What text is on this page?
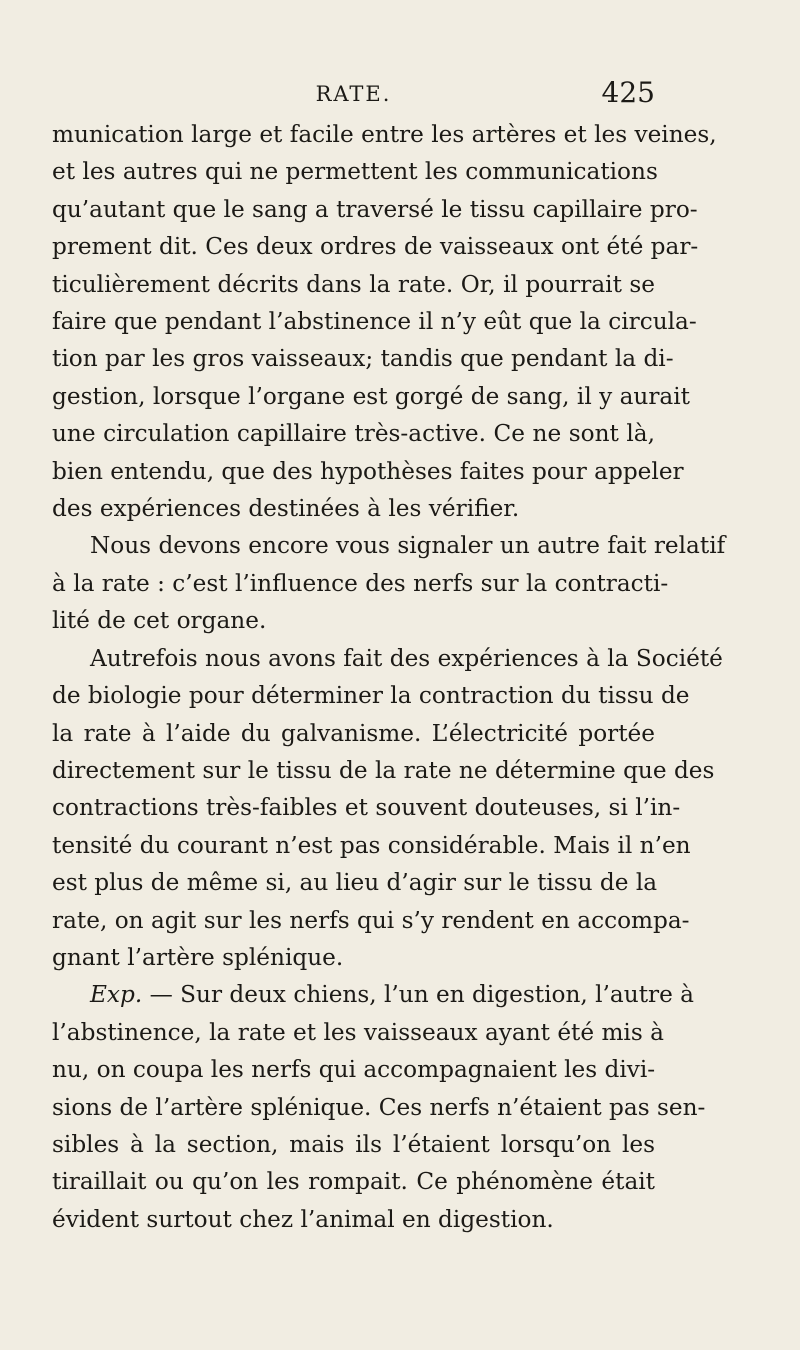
RATE.	425
munication large et facile entre les artères et les veines,
et les autres qui ne permettent les communications
qu’autant que le sang a traversé le tissu capillaire pro-
prement dit. Ces deux ordres de vaisseaux ont été par-
ticulièrement décrits dans la rate. Or, il pourrait se
faire que pendant l’abstinence il n’y eût que la circula-
tion par les gros vaisseaux; tandis que pendant la di-
gestion, lorsque l’organe est gorgé de sang, il y aurait
une circulation capillaire très-active. Ce ne sont là,
bien entendu, que des hypothèses faites pour appeler
des expériences destinées à les vérifier.
Nous devons encore vous signaler un autre fait relatif
à la rate : c’est l’influence des nerfs sur la contracti-
lité de cet organe.
Autrefois nous avons fait des expériences à la Société
de biologie pour déterminer la contraction du tissu de
la rate à l’aide du galvanisme. L’électricité portée
directement sur le tissu de la rate ne détermine que des
contractions très-faibles et souvent douteuses, si l’in-
tensité du courant n’est pas considérable. Mais il n’en
est plus de même si, au lieu d’agir sur le tissu de la
rate, on agit sur les nerfs qui s’y rendent en accompa-
gnant l’artère splénique.
Exp. — Sur deux chiens, l’un en digestion, l’autre à
l’abstinence, la rate et les vaisseaux ayant été mis à
nu, on coupa les nerfs qui accompagnaient les divi-
sions de l’artère splénique. Ces nerfs n’étaient pas sen-
sibles à la section, mais ils l’étaient lorsqu’on les
tiraillait ou qu’on les rompait. Ce phénomène était
évident surtout chez l’animal en digestion.
